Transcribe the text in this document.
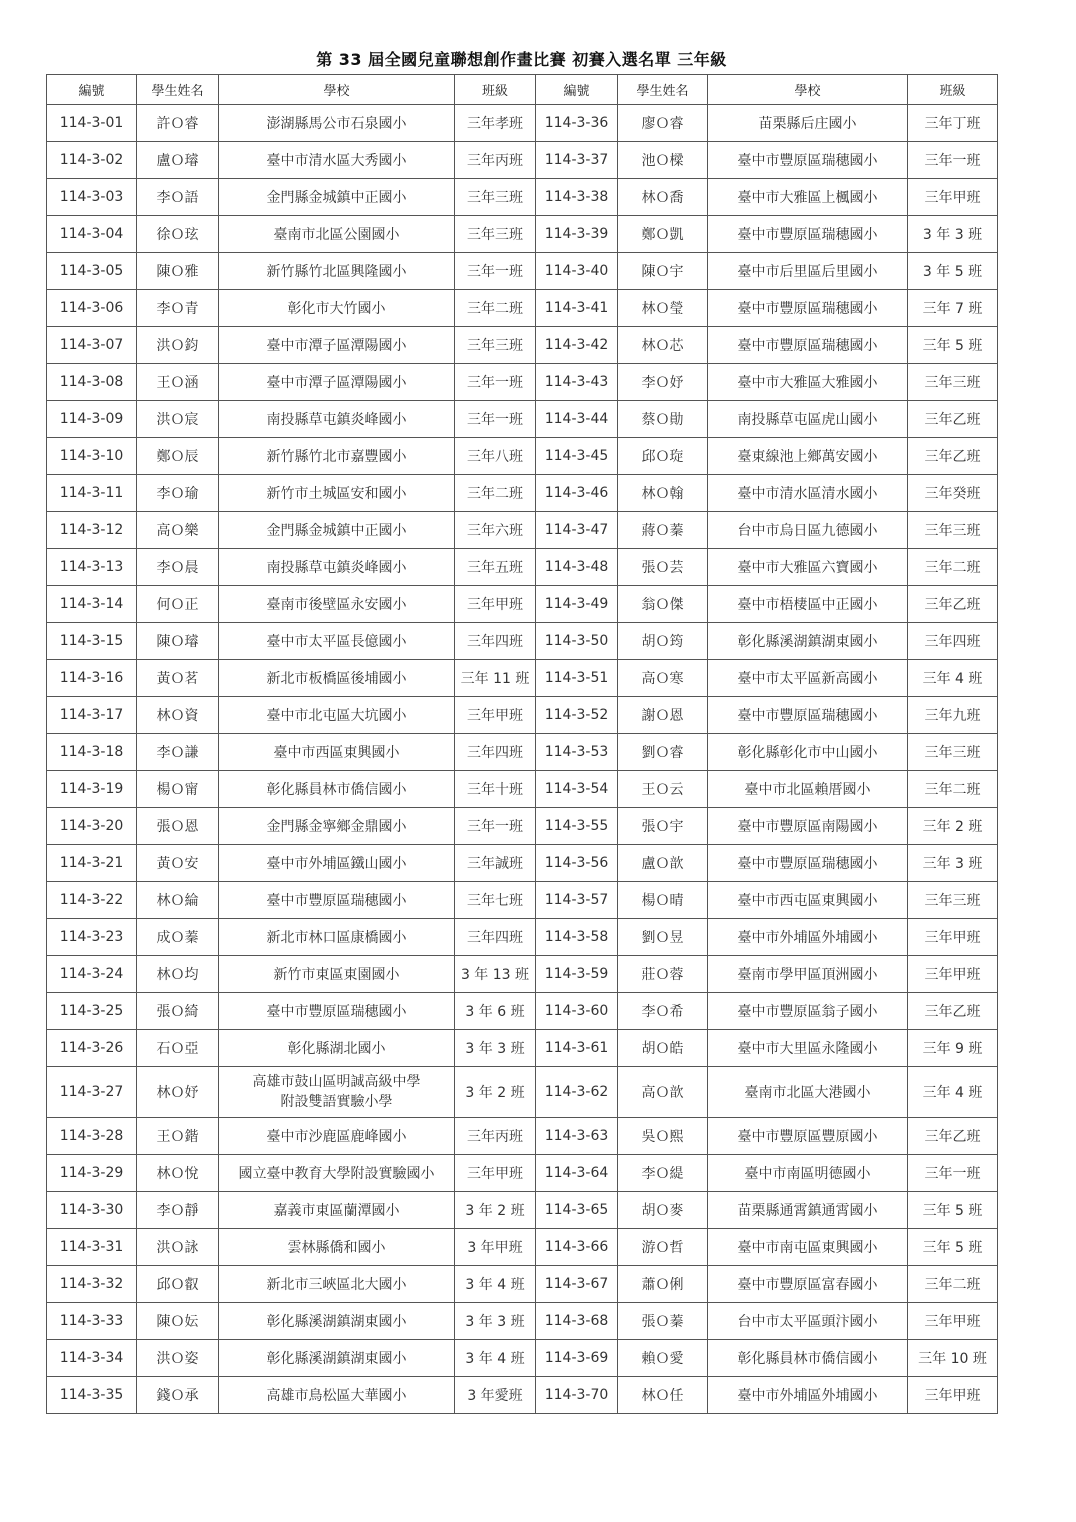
第 33 屆全國兒童聯想創作畫比賽 初賽入選名單 三年級
編號	學生姓名	學校	班級	編號	學生姓名	學校	班級
114-3-01	許Ｏ睿	澎湖縣馬公市石泉國小	三年孝班	114-3-36	廖Ｏ睿	苗栗縣后庄國小	三年丁班
114-3-02	盧Ｏ璿	臺中市清水區大秀國小	三年丙班	114-3-37	池Ｏ樑	臺中市豐原區瑞穗國小	三年一班
114-3-03	李Ｏ語	金門縣金城鎮中正國小	三年三班	114-3-38	林Ｏ喬	臺中市大雅區上楓國小	三年甲班
114-3-04	徐Ｏ玹	臺南市北區公園國小	三年三班	114-3-39	鄭Ｏ凱	臺中市豐原區瑞穗國小	3 年 3 班
114-3-05	陳Ｏ雅	新竹縣竹北區興隆國小	三年一班	114-3-40	陳Ｏ宇	臺中市后里區后里國小	3 年 5 班
114-3-06	李Ｏ青	彰化市大竹國小	三年二班	114-3-41	林Ｏ瑩	臺中市豐原區瑞穗國小	三年 7 班
114-3-07	洪Ｏ鈞	臺中市潭子區潭陽國小	三年三班	114-3-42	林Ｏ芯	臺中市豐原區瑞穗國小	三年 5 班
114-3-08	王Ｏ涵	臺中市潭子區潭陽國小	三年一班	114-3-43	李Ｏ妤	臺中市大雅區大雅國小	三年三班
114-3-09	洪Ｏ宸	南投縣草屯鎮炎峰國小	三年一班	114-3-44	蔡Ｏ勛	南投縣草屯區虎山國小	三年乙班
114-3-10	鄭Ｏ辰	新竹縣竹北市嘉豐國小	三年八班	114-3-45	邱Ｏ琁	臺東線池上鄉萬安國小	三年乙班
114-3-11	李Ｏ瑜	新竹市土城區安和國小	三年二班	114-3-46	林Ｏ翰	臺中市清水區清水國小	三年癸班
114-3-12	高Ｏ樂	金門縣金城鎮中正國小	三年六班	114-3-47	蔣Ｏ蓁	台中市烏日區九德國小	三年三班
114-3-13	李Ｏ晨	南投縣草屯鎮炎峰國小	三年五班	114-3-48	張Ｏ芸	臺中市大雅區六寶國小	三年二班
114-3-14	何Ｏ正	臺南市後壁區永安國小	三年甲班	114-3-49	翁Ｏ傑	臺中市梧棲區中正國小	三年乙班
114-3-15	陳Ｏ璿	臺中市太平區長億國小	三年四班	114-3-50	胡Ｏ筠	彰化縣溪湖鎮湖東國小	三年四班
114-3-16	黃Ｏ茗	新北市板橋區後埔國小	三年 11 班	114-3-51	高Ｏ寒	臺中市太平區新高國小	三年 4 班
114-3-17	林Ｏ資	臺中市北屯區大坑國小	三年甲班	114-3-52	謝Ｏ恩	臺中市豐原區瑞穗國小	三年九班
114-3-18	李Ｏ謙	臺中市西區東興國小	三年四班	114-3-53	劉Ｏ睿	彰化縣彰化市中山國小	三年三班
114-3-19	楊Ｏ甯	彰化縣員林市僑信國小	三年十班	114-3-54	王Ｏ云	臺中市北區賴厝國小	三年二班
114-3-20	張Ｏ恩	金門縣金寧鄉金鼎國小	三年一班	114-3-55	張Ｏ宇	臺中市豐原區南陽國小	三年 2 班
114-3-21	黃Ｏ安	臺中市外埔區鐵山國小	三年誠班	114-3-56	盧Ｏ歆	臺中市豐原區瑞穗國小	三年 3 班
114-3-22	林Ｏ綸	臺中市豐原區瑞穗國小	三年七班	114-3-57	楊Ｏ晴	臺中市西屯區東興國小	三年三班
114-3-23	成Ｏ蓁	新北市林口區康橋國小	三年四班	114-3-58	劉Ｏ昱	臺中市外埔區外埔國小	三年甲班
114-3-24	林Ｏ均	新竹市東區東園國小	3 年 13 班	114-3-59	莊Ｏ蓉	臺南市學甲區頂洲國小	三年甲班
114-3-25	張Ｏ綺	臺中市豐原區瑞穗國小	3 年 6 班	114-3-60	李Ｏ希	臺中市豐原區翁子國小	三年乙班
114-3-26	石Ｏ亞	彰化縣湖北國小	3 年 3 班	114-3-61	胡Ｏ皓	臺中市大里區永隆國小	三年 9 班
114-3-27	林Ｏ妤	高雄市鼓山區明誠高級中學
附設雙語實驗小學	3 年 2 班	114-3-62	高Ｏ歆	臺南市北區大港國小	三年 4 班
114-3-28	王Ｏ鍇	臺中市沙鹿區鹿峰國小	三年丙班	114-3-63	吳Ｏ熙	臺中市豐原區豐原國小	三年乙班
114-3-29	林Ｏ悅	國立臺中教育大學附設實驗國小	三年甲班	114-3-64	李Ｏ緹	臺中市南區明德國小	三年一班
114-3-30	李Ｏ靜	嘉義市東區蘭潭國小	3 年 2 班	114-3-65	胡Ｏ麥	苗栗縣通霄鎮通霄國小	三年 5 班
114-3-31	洪Ｏ詠	雲林縣僑和國小	3 年甲班	114-3-66	游Ｏ哲	臺中市南屯區東興國小	三年 5 班
114-3-32	邱Ｏ叡	新北市三峽區北大國小	3 年 4 班	114-3-67	蕭Ｏ俐	臺中市豐原區富春國小	三年二班
114-3-33	陳Ｏ妘	彰化縣溪湖鎮湖東國小	3 年 3 班	114-3-68	張Ｏ蓁	台中市太平區頭汴國小	三年甲班
114-3-34	洪Ｏ姿	彰化縣溪湖鎮湖東國小	3 年 4 班	114-3-69	賴Ｏ愛	彰化縣員林市僑信國小	三年 10 班
114-3-35	錢Ｏ承	高雄市鳥松區大華國小	3 年愛班	114-3-70	林Ｏ任	臺中市外埔區外埔國小	三年甲班
